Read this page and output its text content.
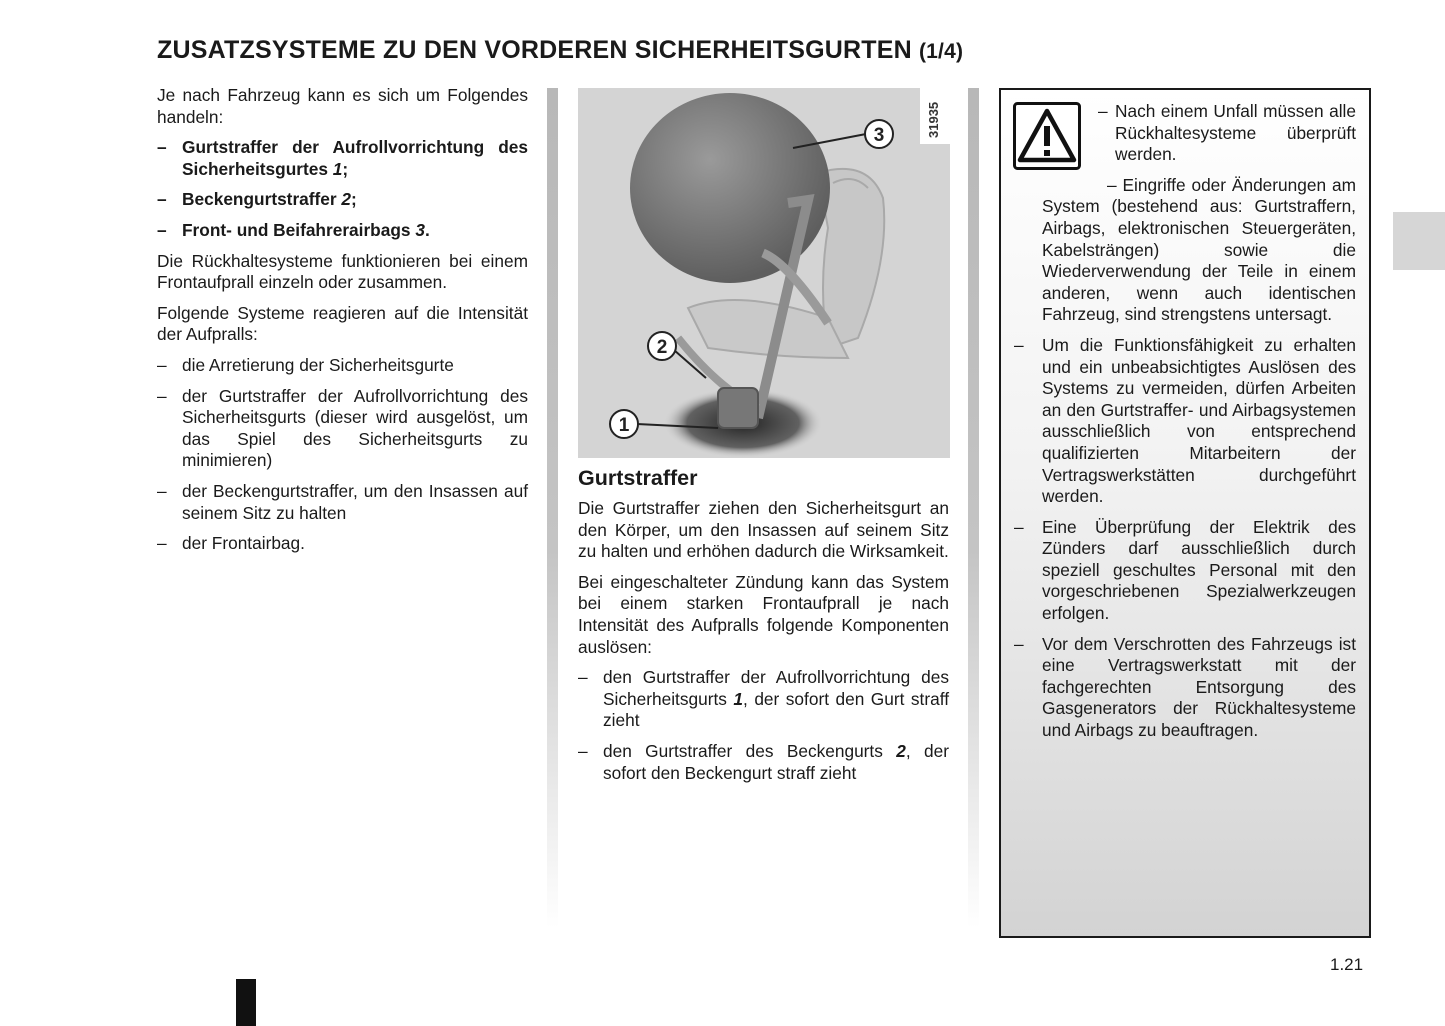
ZUSATZSYSTEME ZU DEN VORDEREN SICHERHEITSGURTEN (1/4)

Je nach Fahrzeug kann es sich um Folgendes handeln:

– Gurtstraffer der Aufrollvorrichtung des Sicherheitsgurtes 1;
– Beckengurtstraffer 2;
– Front- und Beifahrerairbags 3.

Die Rückhaltesysteme funktionieren bei einem Frontaufprall einzeln oder zusammen.

Folgende Systeme reagieren auf die Intensität der Aufpralls:

– die Arretierung der Sicherheitsgurte
– der Gurtstraffer der Aufrollvorrichtung des Sicherheitsgurts (dieser wird ausgelöst, um das Spiel des Sicherheitsgurts zu minimieren)
– der Beckengurtstraffer, um den Insassen auf seinem Sitz zu halten
– der Frontairbag.
3
2
1
31935
Gurtstraffer

Die Gurtstraffer ziehen den Sicherheitsgurt an den Körper, um den Insassen auf seinem Sitz zu halten und erhöhen dadurch die Wirksamkeit.

Bei eingeschalteter Zündung kann das System bei einem starken Frontaufprall je nach Intensität des Aufpralls folgende Komponenten auslösen:

– den Gurtstraffer der Aufrollvorrichtung des Sicherheitsgurts 1, der sofort den Gurt straff zieht
– den Gurtstraffer des Beckengurts 2, der sofort den Beckengurt straff zieht
– Nach einem Unfall müssen alle Rückhaltesysteme überprüft werden.
– Eingriffe oder Änderungen am System (bestehend aus: Gurtstraffern, Airbags, elektronischen Steuergeräten, Kabelsträngen) sowie die Wiederverwendung der Teile in einem anderen, wenn auch identischen Fahrzeug, sind strengstens untersagt.
– Um die Funktionsfähigkeit zu erhalten und ein unbeabsichtigtes Auslösen des Systems zu vermeiden, dürfen Arbeiten an den Gurtstraffer- und Airbagsystemen ausschließlich von entsprechend qualifizierten Mitarbeitern der Vertragswerkstätten durchgeführt werden.
– Eine Überprüfung der Elektrik des Zünders darf ausschließlich durch speziell geschultes Personal mit den vorgeschriebenen Spezialwerkzeugen erfolgen.
– Vor dem Verschrotten des Fahrzeugs ist eine Vertragswerkstatt mit der fachgerechten Entsorgung des Gasgenerators der Rückhaltesysteme und Airbags zu beauftragen.
1.21
